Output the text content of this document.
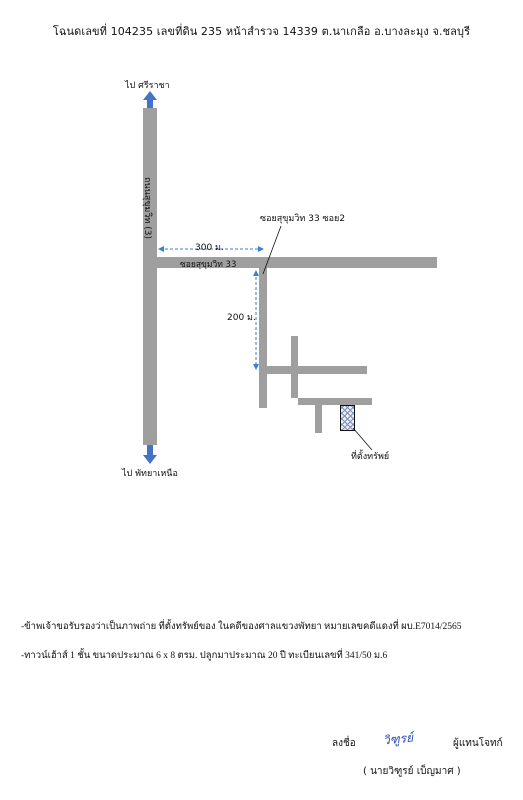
โฉนดเลขที่ 104235 เลขที่ดิน 235 หน้าสำรวจ 14339 ต.นาเกลือ อ.บางละมุง จ.ชลบุรี
ไป ศรีราชา
ไป พัทยาเหนือ
ถนนสุขุมวิท (3)
ซอยสุขุมวิท 33
ซอยสุขุมวิท 33 ซอย2
300 ม.
200 ม.
ที่ตั้งทรัพย์
-ข้าพเจ้าขอรับรองว่าเป็นภาพถ่าย ที่ตั้งทรัพย์ของ ในคดีของศาลแขวงพัทยา หมายเลขคดีแดงที่ ผบ.E7014/2565
-ทาวน์เฮ้าส์ 1 ชั้น ขนาดประมาณ 6 x 8 ตรม. ปลูกมาประมาณ 20 ปี ทะเบียนเลขที่ 341/50 ม.6
ลงชื่อ วิฑูรย์	ผู้แทนโจทก์
( นายวิฑูรย์ เบ็ญมาศ )
